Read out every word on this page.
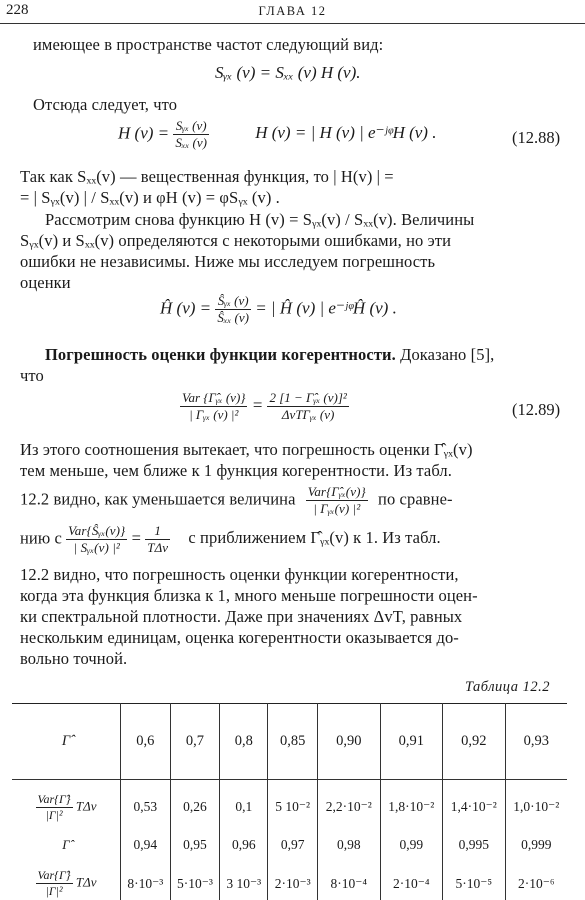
228	ГЛАВА 12
имеющее в пространстве частот следующий вид:
Sᵧₓ (v) = Sₓₓ (v) H (v).
Отсюда следует, что
H $(v) = \frac{\text{Sᵧₓ (v)}}{\text{Sₓₓ (v)}}$	H (v) = | H (v) | e⁻ʲᵠH (v) .	(12.88)
Так как Sₓₓ(v) — вещественная функция, то | H(v) | =
= | Sᵧₓ(v) | / Sₓₓ(v) и φH (v) = φSᵧₓ (v) .
Рассмотрим снова функцию H (v) = Sᵧₓ(v) / Sₓₓ(v). Величины
Sᵧₓ(v) и Sₓₓ(v) определяются с некоторыми ошибками, но эти
ошибки не независимы. Ниже мы исследуем погрешность
оценки
Ĥ $(v) = \frac{\text{Ŝᵧₓ (v)}}{\text{Ŝₓₓ (v)}}$ = | Ĥ (v) | e⁻ʲᵠĤ (v) .
Погрешность оценки функции когерентности. Доказано [5],
что
$\frac{\text{Var \{Γ̂ᵧₓ (v)\}}}{\text{| Γᵧₓ (v) |²}} = \frac{\text{2 [1 − Γ̂ᵧₓ (v)]²}}{\text{ΔvTΓᵧₓ (v)}}$	(12.89)
Из этого соотношения вытекает, что погрешность оценки Γ̂ᵧₓ(v)
тем меньше, чем ближе к 1 функция когерентности. Из табл.
12.2 видно, как уменьшается величина $\frac{\text{Var\{Γ̂ᵧₓ(v)\}}}{\text{| Γᵧₓ(v) |²}}$ по сравне-
нию с $\frac{\text{Var\{Ŝᵧₓ(v)\}}}{\text{| Sᵧₓ(v) |²}} = \frac{1}{\text{TΔv}}$ с приближением Γ̂ᵧₓ(v) к 1. Из табл.
12.2 видно, что погрешность оценки функции когерентности,
когда эта функция близка к 1, много меньше погрешности оцен-
ки спектральной плотности. Даже при значениях ΔvT, равных
нескольким единицам, оценка когерентности оказывается до-
вольно точной.
Таблица 12.2
Γ̂	0,6	0,7	0,8	0,85	0,90	0,91	0,92	0,93

$\frac{\text{Var\{Γ̂\}}}{\text{|Γ|²}}$ TΔv	0,53	0,26	0,1	5 10⁻²	2,2·10⁻²	1,8·10⁻²	1,4·10⁻²	1,0·10⁻²
Γ̂	0,94	0,95	0,96	0,97	0,98	0,99	0,995	0,999

$\frac{\text{Var\{Γ̂\}}}{\text{|Γ|²}}$ TΔv	8·10⁻³	5·10⁻³	3 10⁻³	2·10⁻³	8·10⁻⁴	2·10⁻⁴	5·10⁻⁵	2·10⁻⁶
